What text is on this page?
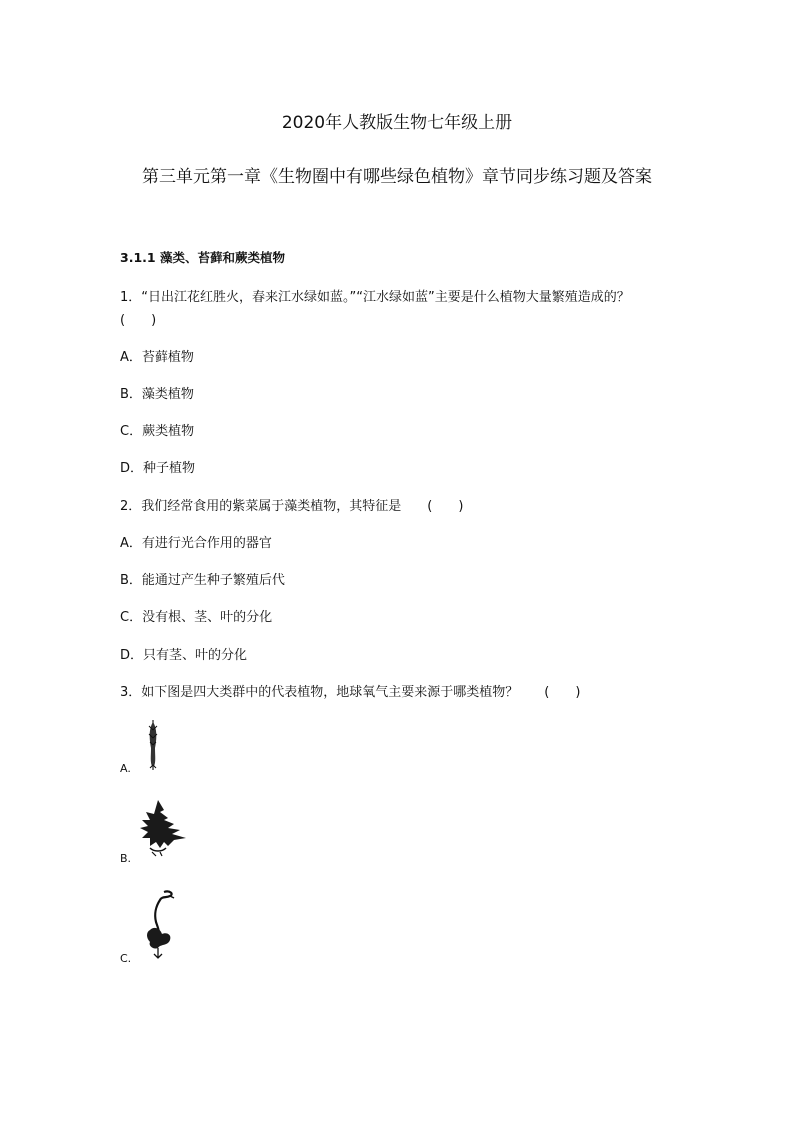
2020年人教版生物七年级上册
第三单元第一章《生物圈中有哪些绿色植物》章节同步练习题及答案
3.1.1 藻类、苔藓和蕨类植物
1．“日出江花红胜火，春来江水绿如蓝。”“江水绿如蓝”主要是什么植物大量繁殖造成的？
(　　)
A．苔藓植物
B．藻类植物
C．蕨类植物
D．种子植物
2．我们经常食用的紫菜属于藻类植物，其特征是　　(　　)
A．有进行光合作用的器官
B．能通过产生种子繁殖后代
C．没有根、茎、叶的分化
D．只有茎、叶的分化
3．如下图是四大类群中的代表植物，地球氧气主要来源于哪类植物？　　(　　)
A.
B.
C.
